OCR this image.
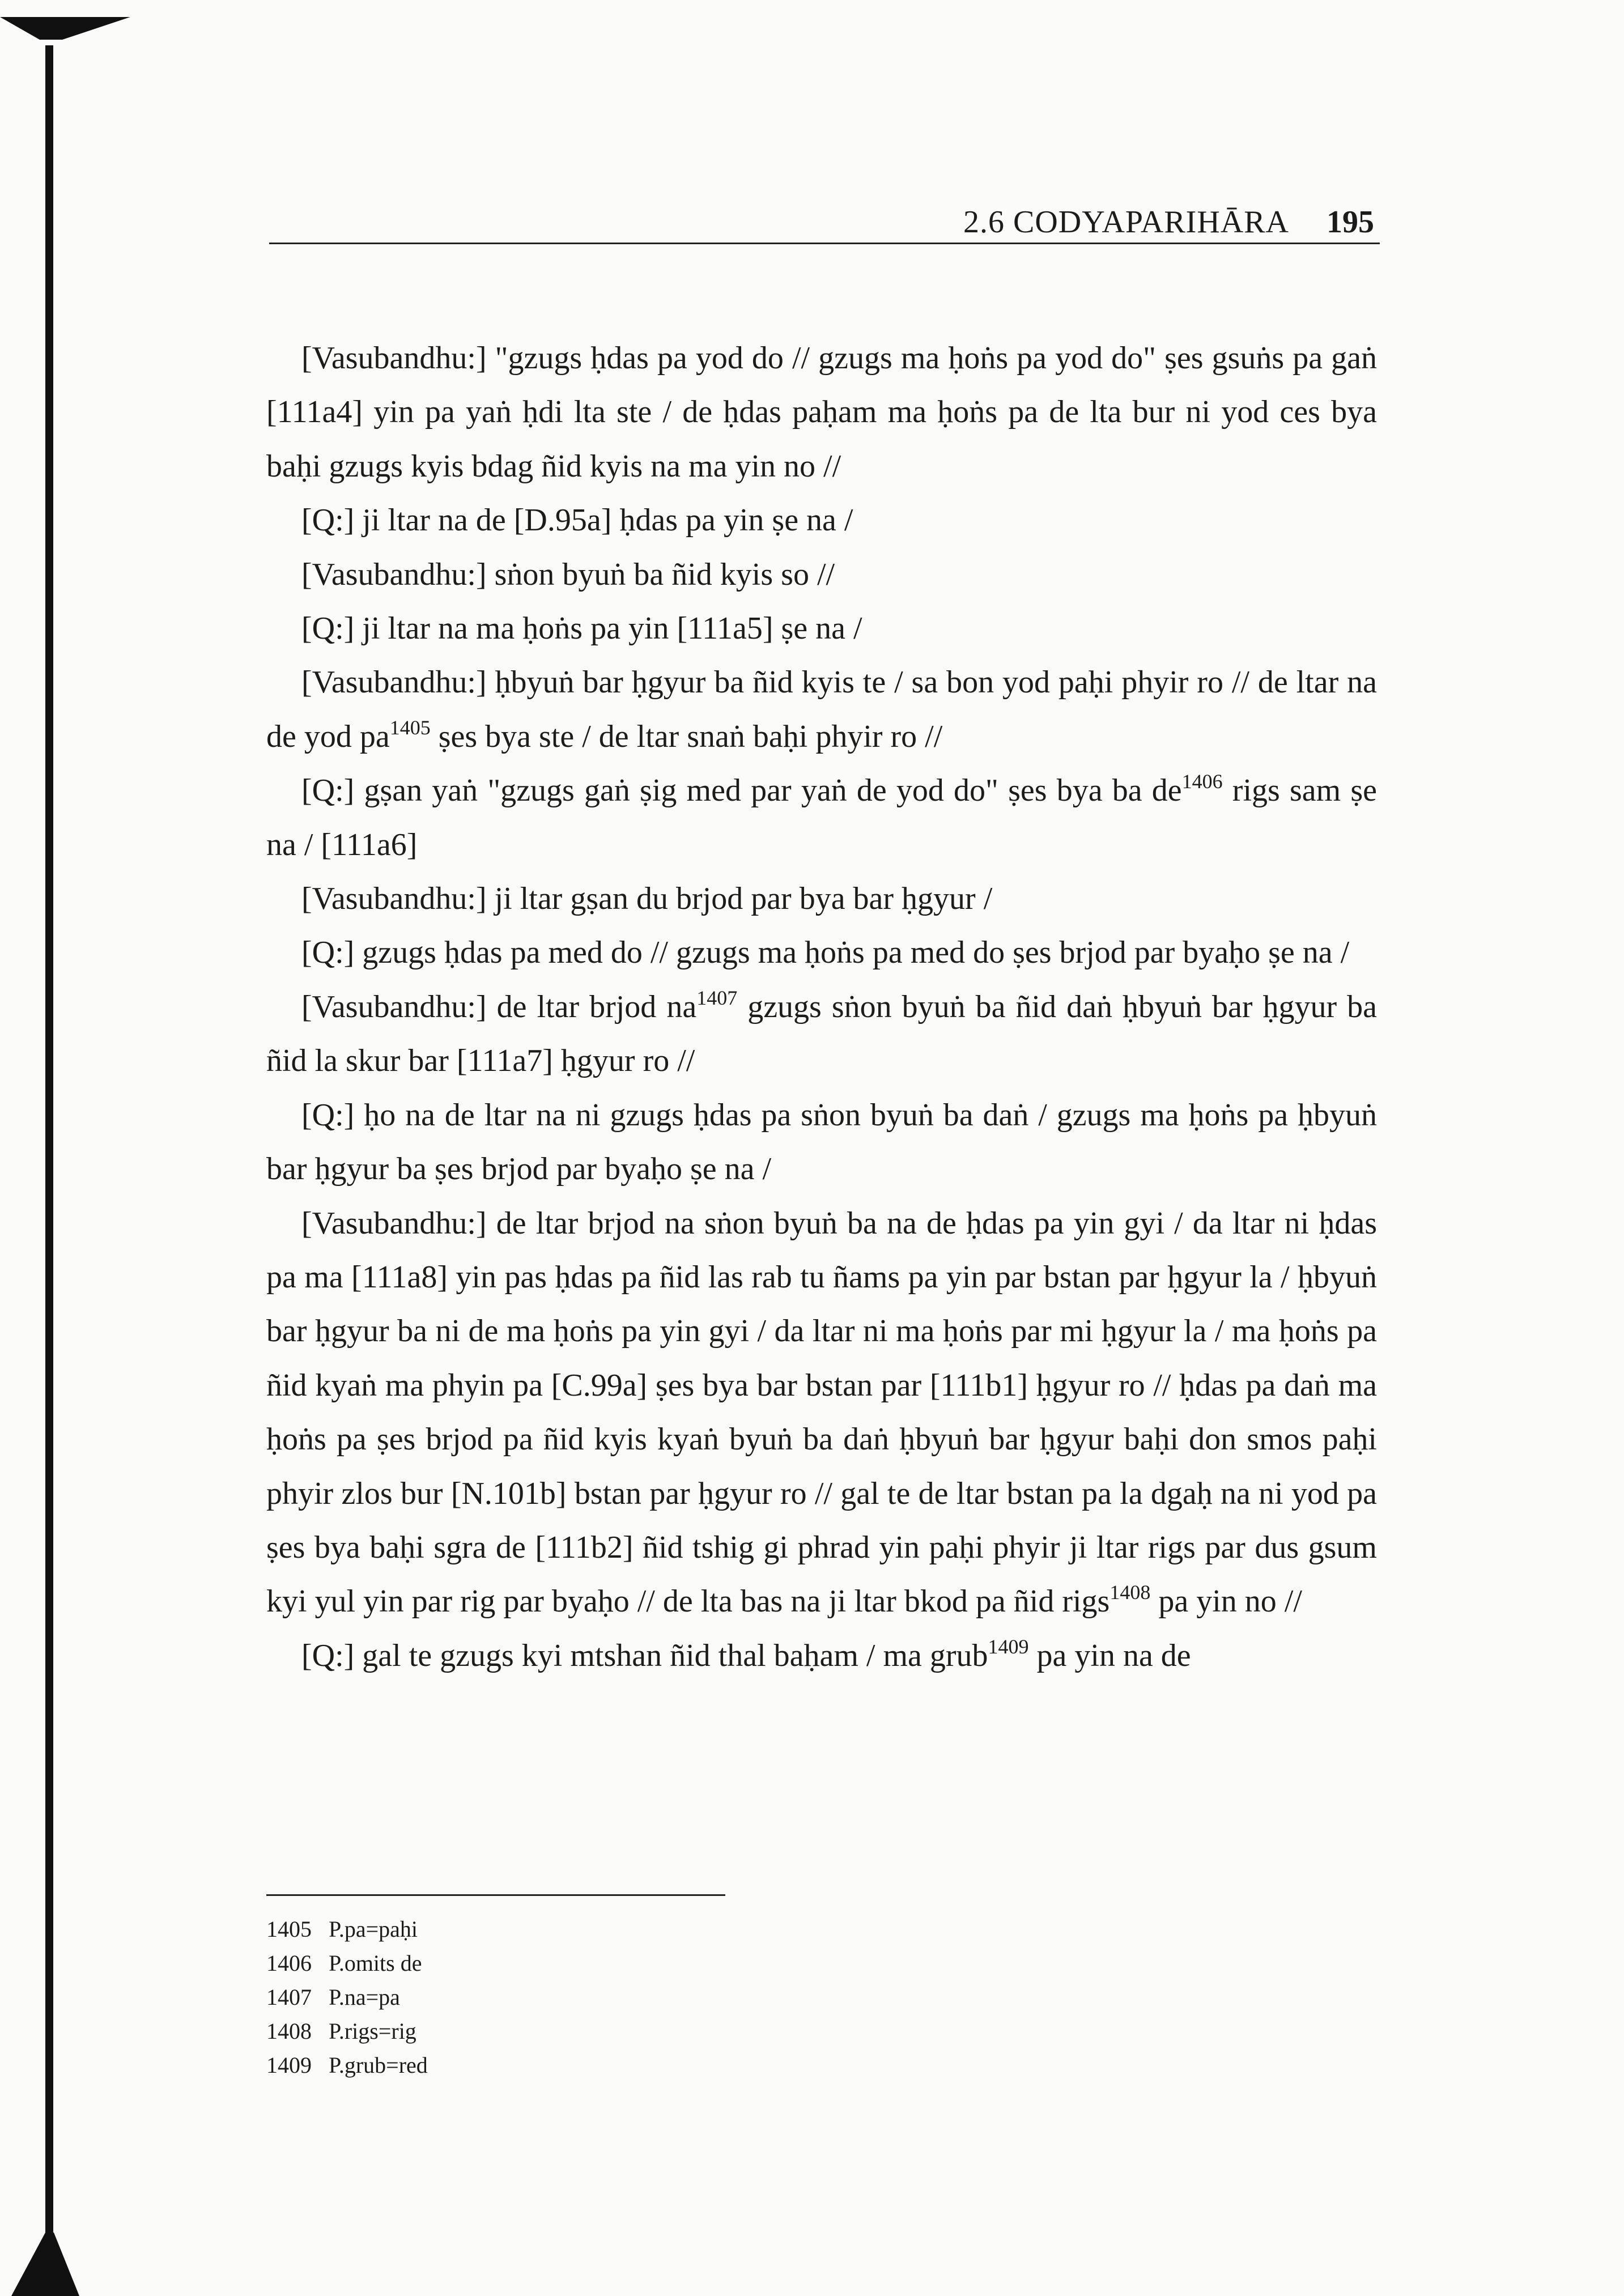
2.6 CODYAPARIHĀRA 195

[Vasubandhu:] "gzugs ḥdas pa yod do // gzugs ma ḥoṅs pa yod do" ṣes gsuṅs pa gaṅ [111a4] yin pa yaṅ ḥdi lta ste / de ḥdas paḥam ma ḥoṅs pa de lta bur ni yod ces bya baḥi gzugs kyis bdag ñid kyis na ma yin no //

[Q:] ji ltar na de [D.95a] ḥdas pa yin ṣe na /

[Vasubandhu:] sṅon byuṅ ba ñid kyis so //

[Q:] ji ltar na ma ḥoṅs pa yin [111a5] ṣe na /

[Vasubandhu:] ḥbyuṅ bar ḥgyur ba ñid kyis te / sa bon yod paḥi phyir ro // de ltar na de yod $pa^{1405}$ ṣes bya ste / de ltar snaṅ baḥi phyir ro //

[Q:] gṣan yaṅ "gzugs gaṅ ṣig med par yaṅ de yod do" ṣes bya ba $de^{1406}$ rigs sam ṣe na / [111a6]

[Vasubandhu:] ji ltar gṣan du brjod par bya bar ḥgyur /

[Q:] gzugs ḥdas pa med do // gzugs ma ḥoṅs pa med do ṣes brjod par byaḥo ṣe na /

[Vasubandhu:] de ltar brjod $na^{1407}$ gzugs sṅon byuṅ ba ñid daṅ ḥbyuṅ bar ḥgyur ba ñid la skur bar [111a7] ḥgyur ro //

[Q:] ḥo na de ltar na ni gzugs ḥdas pa sṅon byuṅ ba daṅ / gzugs ma ḥoṅs pa ḥbyuṅ bar ḥgyur ba ṣes brjod par byaḥo ṣe na /

[Vasubandhu:] de ltar brjod na sṅon byuṅ ba na de ḥdas pa yin gyi / da ltar ni ḥdas pa ma [111a8] yin pas ḥdas pa ñid las rab tu ñams pa yin par bstan par ḥgyur la / ḥbyuṅ bar ḥgyur ba ni de ma ḥoṅs pa yin gyi / da ltar ni ma ḥoṅs par mi ḥgyur la / ma ḥoṅs pa ñid kyaṅ ma phyin pa [C.99a] ṣes bya bar bstan par [111b1] ḥgyur ro // ḥdas pa daṅ ma ḥoṅs pa ṣes brjod pa ñid kyis kyaṅ byuṅ ba daṅ ḥbyuṅ bar ḥgyur baḥi don smos paḥi phyir zlos bur [N.101b] bstan par ḥgyur ro // gal te de ltar bstan pa la dgaḥ na ni yod pa ṣes bya baḥi sgra de [111b2] ñid tshig gi phrad yin paḥi phyir ji ltar rigs par dus gsum kyi yul yin par rig par byaḥo // de lta bas na ji ltar bkod pa ñid rigs$^{1408}$ pa yin no //

[Q:] gal te gzugs kyi mtshan ñid thal baḥam / ma grub$^{1409}$ pa yin na de

1405 P.pa=paḥi
1406 P.omits de
1407 P.na=pa
1408 P.rigs=rig
1409 P.grub=red
